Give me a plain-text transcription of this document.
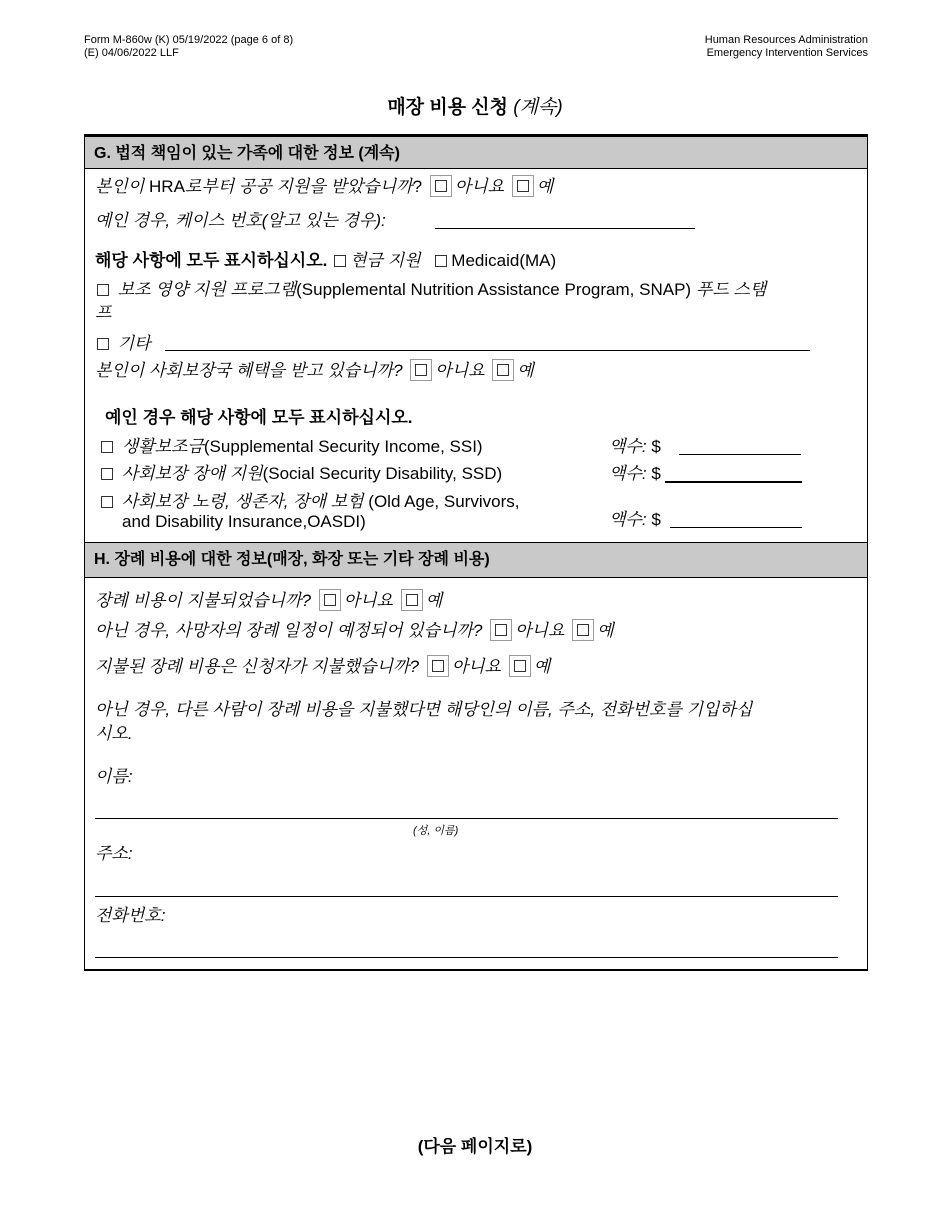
Form M-860w (K) 05/19/2022 (page 6 of 8)
(E) 04/06/2022 LLF
Human Resources Administration
Emergency Intervention Services
매장 비용 신청 (계속)
G. 법적 책임이 있는 가족에 대한 정보 (계속)
본인이 HRA로부터 공공 지원을 받았습니까? 아니요 예
예인 경우, 케이스 번호(알고 있는 경우):
해당 사항에 모두 표시하십시오. 현금 지원 Medicaid(MA)
보조 영양 지원 프로그램(Supplemental Nutrition Assistance Program, SNAP) 푸드 스탬
프
기타
본인이 사회보장국 혜택을 받고 있습니까? 아니요 예
예인 경우 해당 사항에 모두 표시하십시오.
생활보조금(Supplemental Security Income, SSI)	액수: $
사회보장 장애 지원(Social Security Disability, SSD)	액수: $
사회보장 노령, 생존자, 장애 보험 (Old Age, Survivors,
and Disability Insurance,OASDI)	액수: $
H. 장례 비용에 대한 정보(매장, 화장 또는 기타 장례 비용)
장례 비용이 지불되었습니까? 아니요 예
아닌 경우, 사망자의 장례 일정이 예정되어 있습니까? 아니요 예
지불된 장례 비용은 신청자가 지불했습니까? 아니요 예
아닌 경우, 다른 사람이 장례 비용을 지불했다면 해당인의 이름, 주소, 전화번호를 기입하십
시오.
이름:
(성, 이름)
주소:
전화번호:
(다음 페이지로)
